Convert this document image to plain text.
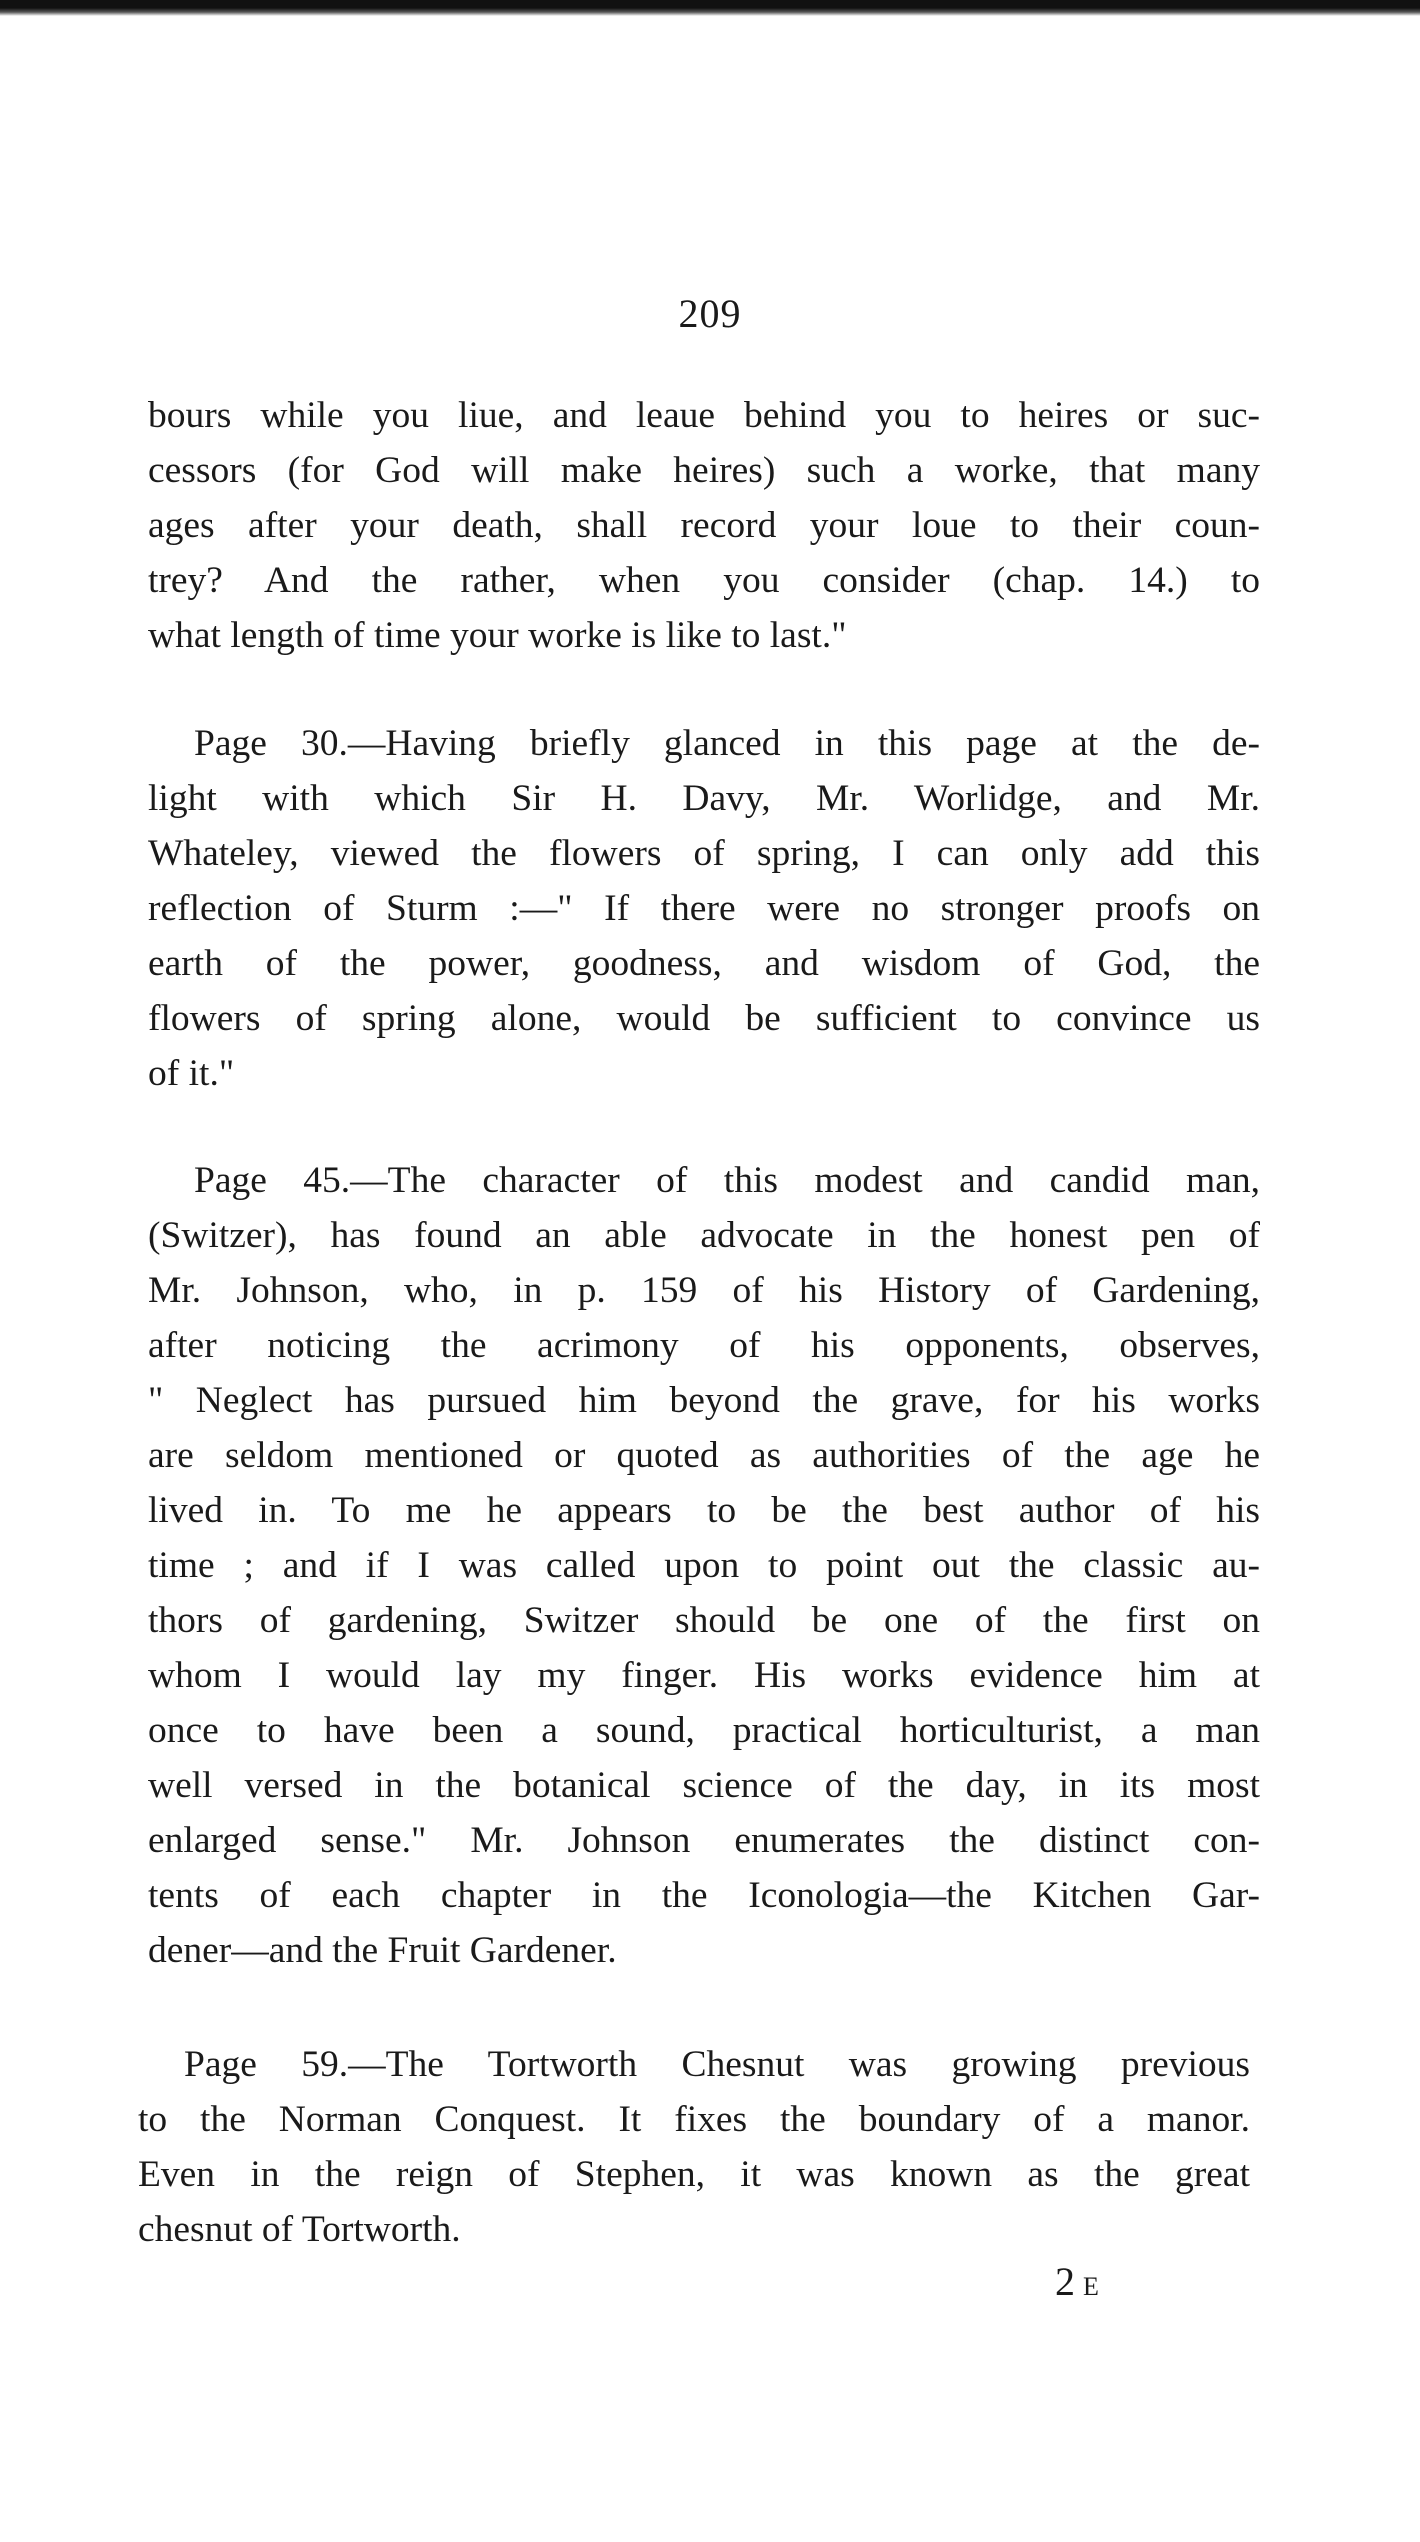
209
bours while you liue, and leaue behind you to heires or suc-
cessors (for God will make heires) such a worke, that many
ages after your death, shall record your loue to their coun-
trey? And the rather, when you consider (chap. 14.) to
what length of time your worke is like to last."
Page 30.—Having briefly glanced in this page at the de-
light with which Sir H. Davy, Mr. Worlidge, and Mr.
Whateley, viewed the flowers of spring, I can only add this
reflection of Sturm :—" If there were no stronger proofs on
earth of the power, goodness, and wisdom of God, the
flowers of spring alone, would be sufficient to convince us
of it."
Page 45.—The character of this modest and candid man,
(Switzer), has found an able advocate in the honest pen of
Mr. Johnson, who, in p. 159 of his History of Gardening,
after noticing the acrimony of his opponents, observes,
" Neglect has pursued him beyond the grave, for his works
are seldom mentioned or quoted as authorities of the age he
lived in. To me he appears to be the best author of his
time ; and if I was called upon to point out the classic au-
thors of gardening, Switzer should be one of the first on
whom I would lay my finger. His works evidence him at
once to have been a sound, practical horticulturist, a man
well versed in the botanical science of the day, in its most
enlarged sense." Mr. Johnson enumerates the distinct con-
tents of each chapter in the Iconologia—the Kitchen Gar-
dener—and the Fruit Gardener.
Page 59.—The Tortworth Chesnut was growing previous
to the Norman Conquest. It fixes the boundary of a manor.
Even in the reign of Stephen, it was known as the great
chesnut of Tortworth.
2 E
